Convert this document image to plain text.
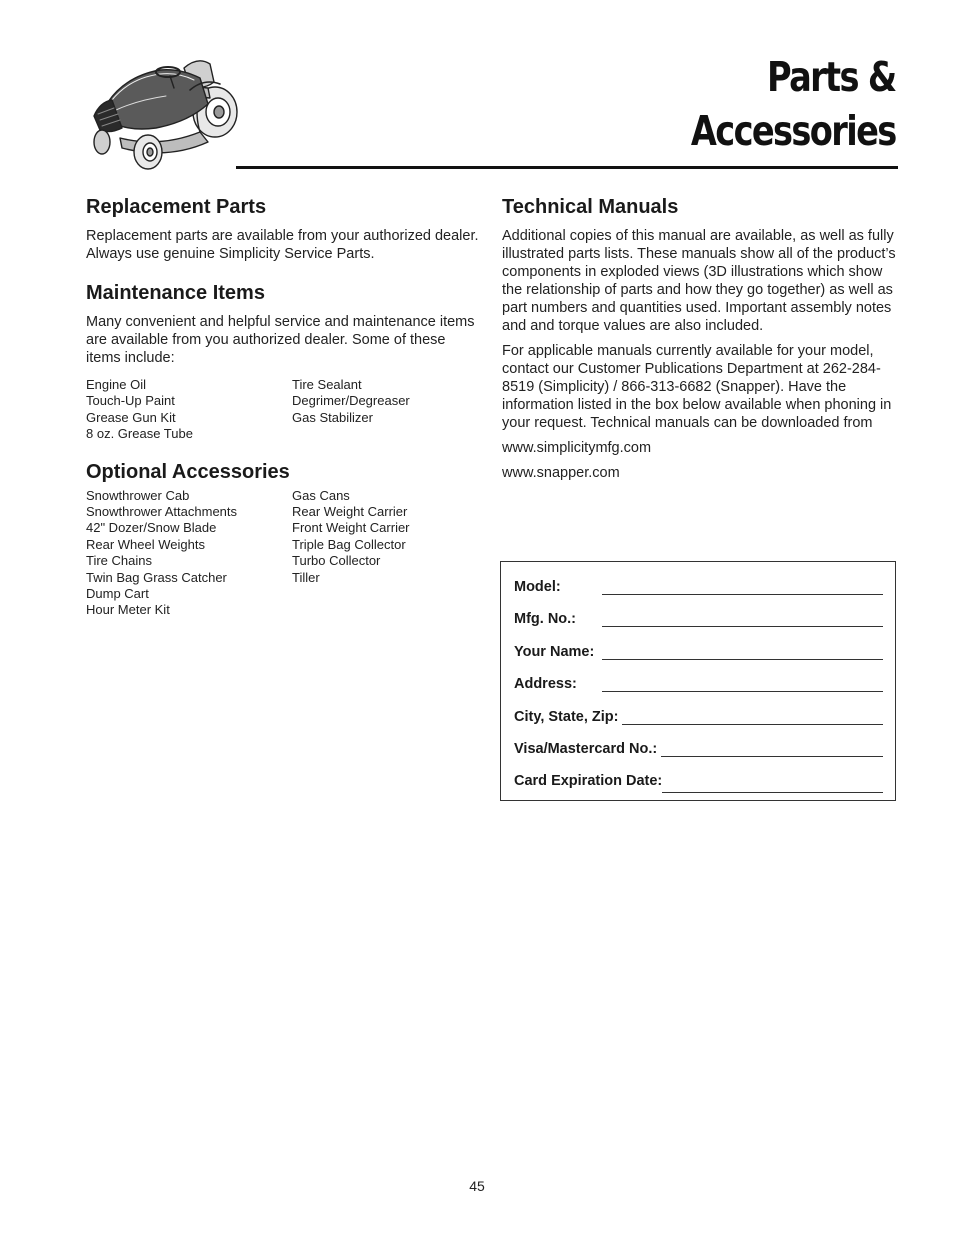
Parts &
Accessories
Replacement Parts

Replacement parts are available from your authorized dealer. Always use genuine Simplicity Service Parts.

Maintenance Items

Many convenient and helpful service and maintenance items are available from you authorized dealer. Some of these items include:

Engine Oil
Touch-Up Paint
Grease Gun Kit
8 oz. Grease Tube
Tire Sealant
Degrimer/Degreaser
Gas Stabilizer
Optional Accessories
Snowthrower Cab
Snowthrower Attachments
42" Dozer/Snow Blade
Rear Wheel Weights
Tire Chains
Twin Bag Grass Catcher
Dump Cart
Hour Meter Kit
Gas Cans
Rear Weight Carrier
Front Weight Carrier
Triple Bag Collector
Turbo Collector
Tiller
Technical Manuals

Additional copies of this manual are available, as well as fully illustrated parts lists. These manuals show all of the product’s components in exploded views (3D illustrations which show the relationship of parts and how they go together) as well as part numbers and quantities used. Important assembly notes and and torque values are also included.

For applicable manuals currently available for your model, contact our Customer Publications Department at 262-284-8519 (Simplicity) / 866-313-6682 (Snapper). Have the information listed in the box below available when phoning in your request. Technical manuals can be downloaded from

www.simplicitymfg.com

www.snapper.com

Model:
Mfg. No.:
Your Name:
Address:
City, State, Zip:
Visa/Mastercard No.:
Card Expiration Date:
45
